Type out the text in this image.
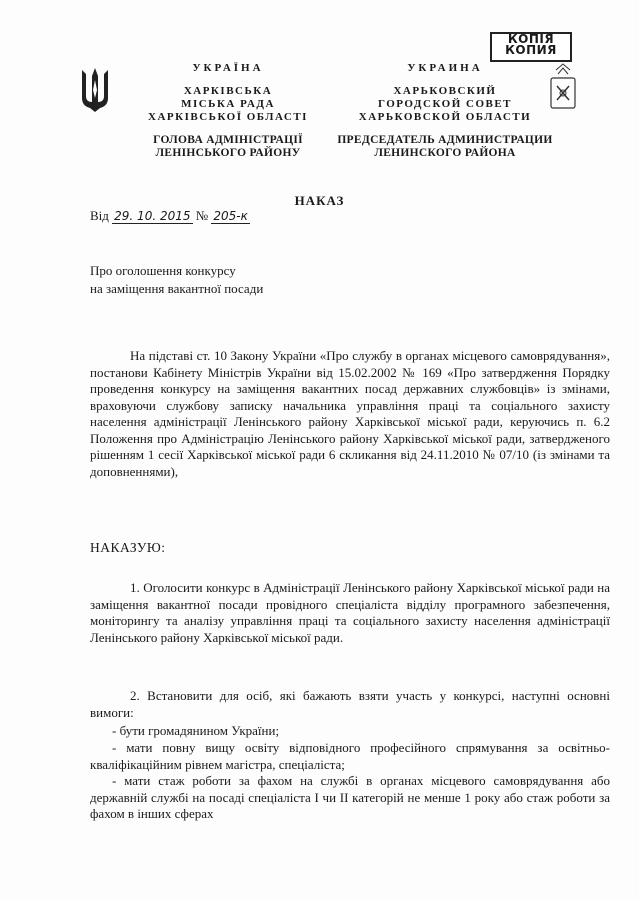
КОПІЯ
КОПИЯ
УКРАЇНА
ХАРКІВСЬКА
МІСЬКА РАДА
ХАРКІВСЬКОЇ ОБЛАСТІ
ГОЛОВА АДМІНІСТРАЦІЇ
ЛЕНІНСЬКОГО РАЙОНУ
УКРАИНА
ХАРЬКОВСКИЙ
ГОРОДСКОЙ СОВЕТ
ХАРЬКОВСКОЙ ОБЛАСТИ
ПРЕДСЕДАТЕЛЬ АДМИНИСТРАЦИИ
ЛЕНИНСКОГО РАЙОНА
НАКАЗ
Від 29. 10. 2015 № 205-к
Про оголошення конкурсу
на заміщення вакантної посади
На підставі ст. 10 Закону України «Про службу в органах місцевого самоврядування», постанови Кабінету Міністрів України від 15.02.2002 № 169 «Про затвердження Порядку проведення конкурсу на заміщення вакантних посад державних службовців» із змінами, враховуючи службову записку начальника управління праці та соціального захисту населення адміністрації Ленінського району Харківської міської ради, керуючись п. 6.2 Положення про Адміністрацію Ленінського району Харківської міської ради, затвердженого рішенням 1 сесії Харківської міської ради 6 скликання від 24.11.2010 № 07/10 (із змінами та доповненнями),
НАКАЗУЮ:
1. Оголосити конкурс в Адміністрації Ленінського району Харківської міської ради на заміщення вакантної посади провідного спеціаліста відділу програмного забезпечення, моніторингу та аналізу управління праці та соціального захисту населення адміністрації Ленінського району Харківської міської ради.
2. Встановити для осіб, які бажають взяти участь у конкурсі, наступні основні вимоги:
- бути громадянином України;
- мати повну вищу освіту відповідного професійного спрямування за освітньо-кваліфікаційним рівнем магістра, спеціаліста;
- мати стаж роботи за фахом на службі в органах місцевого самоврядування або державній службі на посаді спеціаліста І чи ІІ категорій не менше 1 року або стаж роботи за фахом в інших сферах
